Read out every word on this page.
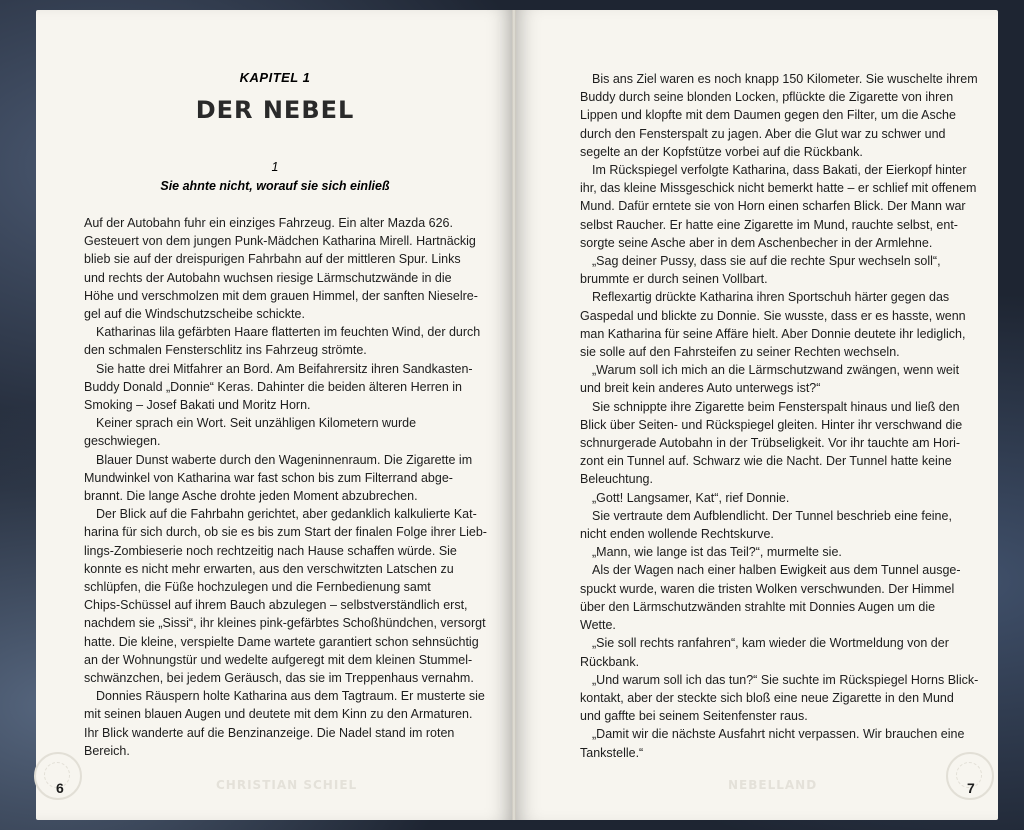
KAPITEL 1
DER NEBEL
1
Sie ahnte nicht, worauf sie sich einließ
Auf der Autobahn fuhr ein einziges Fahrzeug. Ein alter Mazda 626.
Gesteuert von dem jungen Punk-Mädchen Katharina Mirell. Hartnäckig
blieb sie auf der dreispurigen Fahrbahn auf der mittleren Spur. Links
und rechts der Autobahn wuchsen riesige Lärmschutzwände in die
Höhe und verschmolzen mit dem grauen Himmel, der sanften Nieselre-
gel auf die Windschutzscheibe schickte.
Katharinas lila gefärbten Haare flatterten im feuchten Wind, der durch
den schmalen Fensterschlitz ins Fahrzeug strömte.
Sie hatte drei Mitfahrer an Bord. Am Beifahrersitz ihren Sandkasten-
Buddy Donald „Donnie“ Keras. Dahinter die beiden älteren Herren in
Smoking – Josef Bakati und Moritz Horn.
Keiner sprach ein Wort. Seit unzähligen Kilometern wurde
geschwiegen.
Blauer Dunst waberte durch den Wageninnenraum. Die Zigarette im
Mundwinkel von Katharina war fast schon bis zum Filterrand abge-
brannt. Die lange Asche drohte jeden Moment abzubrechen.
Der Blick auf die Fahrbahn gerichtet, aber gedanklich kalkulierte Kat-
harina für sich durch, ob sie es bis zum Start der finalen Folge ihrer Lieb-
lings-Zombieserie noch rechtzeitig nach Hause schaffen würde. Sie
konnte es nicht mehr erwarten, aus den verschwitzten Latschen zu
schlüpfen, die Füße hochzulegen und die Fernbedienung samt
Chips-Schüssel auf ihrem Bauch abzulegen – selbstverständlich erst,
nachdem sie „Sissi“, ihr kleines pink-gefärbtes Schoßhündchen, versorgt
hatte. Die kleine, verspielte Dame wartete garantiert schon sehnsüchtig
an der Wohnungstür und wedelte aufgeregt mit dem kleinen Stummel-
schwänzchen, bei jedem Geräusch, das sie im Treppenhaus vernahm.
Donnies Räuspern holte Katharina aus dem Tagtraum. Er musterte sie
mit seinen blauen Augen und deutete mit dem Kinn zu den Armaturen.
Ihr Blick wanderte auf die Benzinanzeige. Die Nadel stand im roten
Bereich.
Bis ans Ziel waren es noch knapp 150 Kilometer. Sie wuschelte ihrem
Buddy durch seine blonden Locken, pflückte die Zigarette von ihren
Lippen und klopfte mit dem Daumen gegen den Filter, um die Asche
durch den Fensterspalt zu jagen. Aber die Glut war zu schwer und
segelte an der Kopfstütze vorbei auf die Rückbank.
Im Rückspiegel verfolgte Katharina, dass Bakati, der Eierkopf hinter
ihr, das kleine Missgeschick nicht bemerkt hatte – er schlief mit offenem
Mund. Dafür erntete sie von Horn einen scharfen Blick. Der Mann war
selbst Raucher. Er hatte eine Zigarette im Mund, rauchte selbst, ent-
sorgte seine Asche aber in dem Aschenbecher in der Armlehne.
„Sag deiner Pussy, dass sie auf die rechte Spur wechseln soll“,
brummte er durch seinen Vollbart.
Reflexartig drückte Katharina ihren Sportschuh härter gegen das
Gaspedal und blickte zu Donnie. Sie wusste, dass er es hasste, wenn
man Katharina für seine Affäre hielt. Aber Donnie deutete ihr lediglich,
sie solle auf den Fahrsteifen zu seiner Rechten wechseln.
„Warum soll ich mich an die Lärmschutzwand zwängen, wenn weit
und breit kein anderes Auto unterwegs ist?“
Sie schnippte ihre Zigarette beim Fensterspalt hinaus und ließ den
Blick über Seiten- und Rückspiegel gleiten. Hinter ihr verschwand die
schnurgerade Autobahn in der Trübseligkeit. Vor ihr tauchte am Hori-
zont ein Tunnel auf. Schwarz wie die Nacht. Der Tunnel hatte keine
Beleuchtung.
„Gott! Langsamer, Kat“, rief Donnie.
Sie vertraute dem Aufblendlicht. Der Tunnel beschrieb eine feine,
nicht enden wollende Rechtskurve.
„Mann, wie lange ist das Teil?“, murmelte sie.
Als der Wagen nach einer halben Ewigkeit aus dem Tunnel ausge-
spuckt wurde, waren die tristen Wolken verschwunden. Der Himmel
über den Lärmschutzwänden strahlte mit Donnies Augen um die
Wette.
„Sie soll rechts ranfahren“, kam wieder die Wortmeldung von der
Rückbank.
„Und warum soll ich das tun?“ Sie suchte im Rückspiegel Horns Blick-
kontakt, aber der steckte sich bloß eine neue Zigarette in den Mund
und gaffte bei seinem Seitenfenster raus.
„Damit wir die nächste Ausfahrt nicht verpassen. Wir brauchen eine
Tankstelle.“
CHRISTIAN SCHIEL	NEBELLAND
6	7
